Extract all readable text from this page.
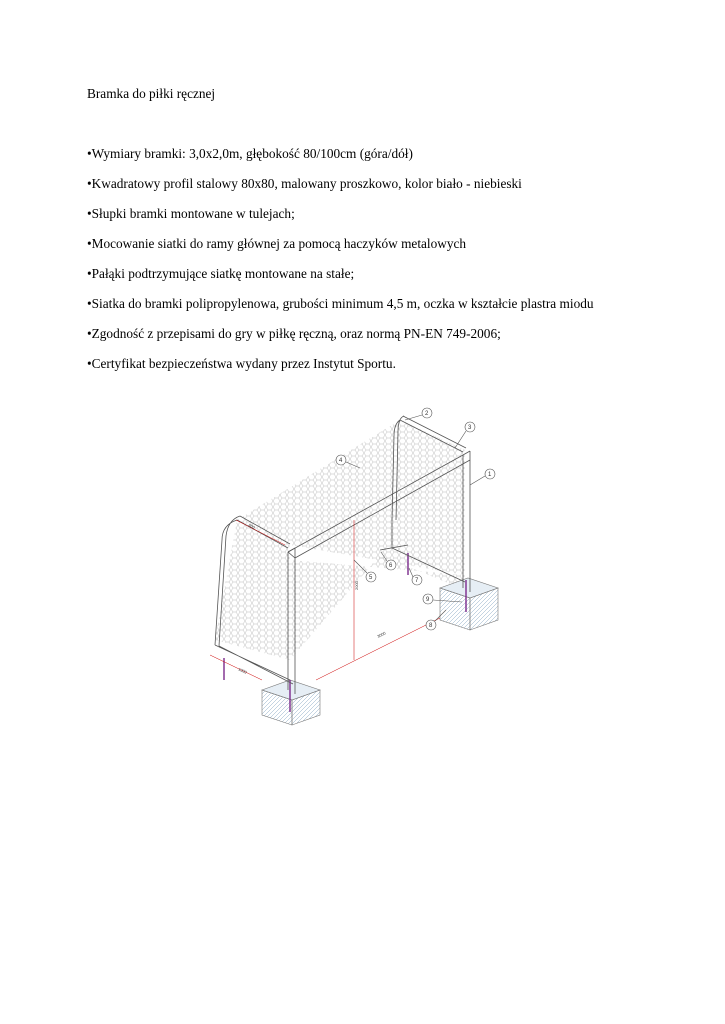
Bramka do piłki ręcznej
•Wymiary bramki: 3,0x2,0m, głębokość 80/100cm (góra/dół)
•Kwadratowy profil stalowy 80x80, malowany proszkowo, kolor biało - niebieski
•Słupki bramki montowane w tulejach;
•Mocowanie siatki do ramy głównej za pomocą haczyków metalowych
•Pałąki podtrzymujące siatkę montowane na stałe;
•Siatka do bramki polipropylenowa, grubości minimum 4,5 m, oczka w kształcie plastra miodu
•Zgodność z przepisami do gry w piłkę ręczną, oraz normą PN-EN 749-2006;
•Certyfikat bezpieczeństwa wydany przez Instytut Sportu.
2000
3000
1000
800
1
2
3
4
5
6
7
8
9
